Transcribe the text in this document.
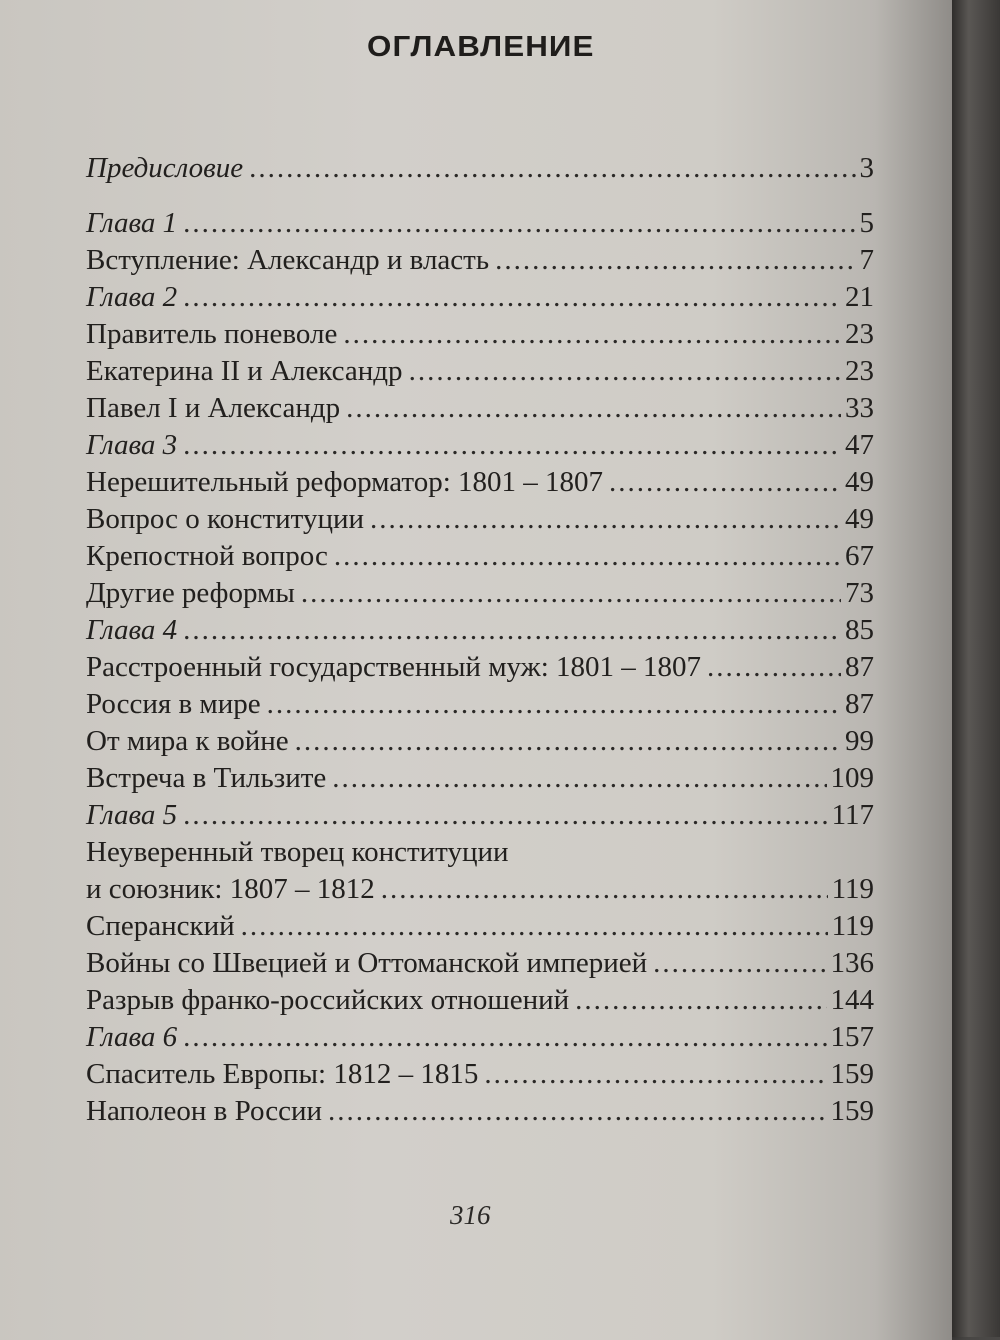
ОГЛАВЛЕНИЕ
Предисловие .....	3
Глава 1 .....	5
Вступление: Александр и власть .....	7
Глава 2 .....	21
Правитель поневоле .....	23
Екатерина II и Александр .....	23
Павел I и Александр .....	33
Глава 3 .....	47
Нерешительный реформатор: 1801 – 1807 .....	49
Вопрос о конституции .....	49
Крепостной вопрос .....	67
Другие реформы .....	73
Глава 4 .....	85
Расстроенный государственный муж: 1801 – 1807 .....	87
Россия в мире .....	87
От мира к войне .....	99
Встреча в Тильзите .....	109
Глава 5 .....	117
Неуверенный творец конституции
и союзник: 1807 – 1812 .....	119
Сперанский .....	119
Войны со Швецией и Оттоманской империей .....	136
Разрыв франко-российских отношений .....	144
Глава 6 .....	157
Спаситель Европы: 1812 – 1815 .....	159
Наполеон в России .....	159
316
